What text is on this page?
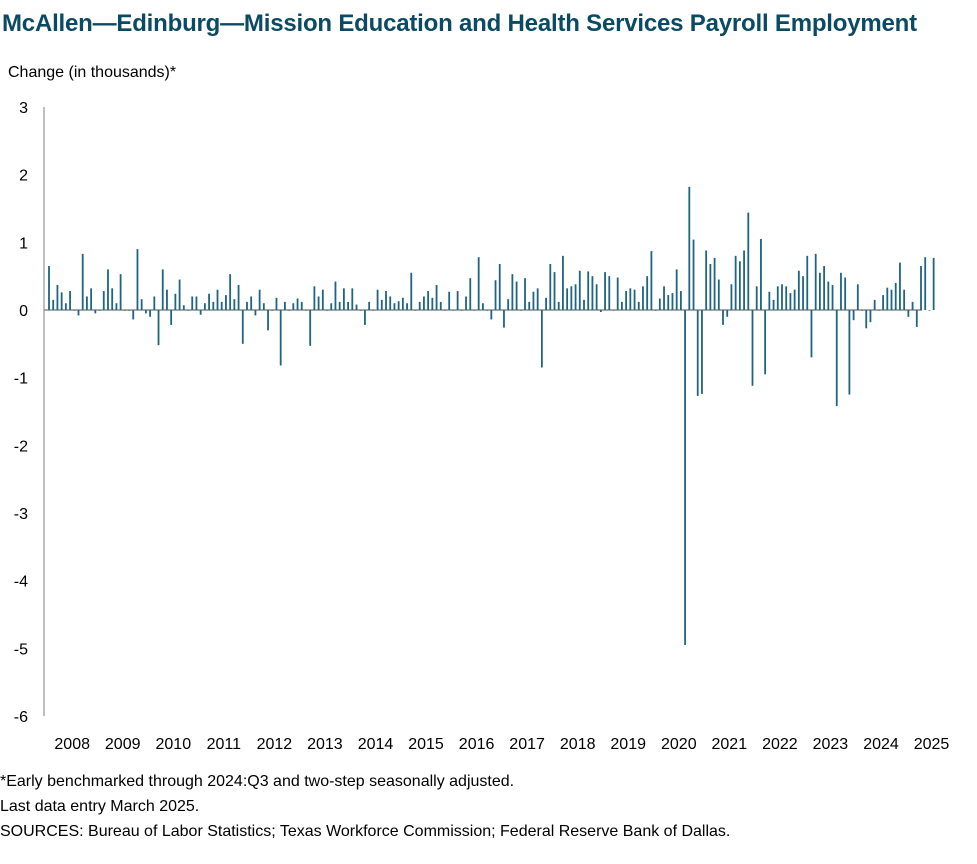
McAllen—Edinburg—Mission Education and Health Services Payroll Employment
Change (in thousands)*
3
2
1
0
-1
-2
-3
-4
-5
-6
2008 2009 2010 2011 2012 2013 2014 2015 2016 2017 2018 2019 2020 2021 2022 2023 2024 2025
*Early benchmarked through 2024:Q3 and two-step seasonally adjusted.
Last data entry March 2025.
SOURCES: Bureau of Labor Statistics; Texas Workforce Commission; Federal Reserve Bank of Dallas.
